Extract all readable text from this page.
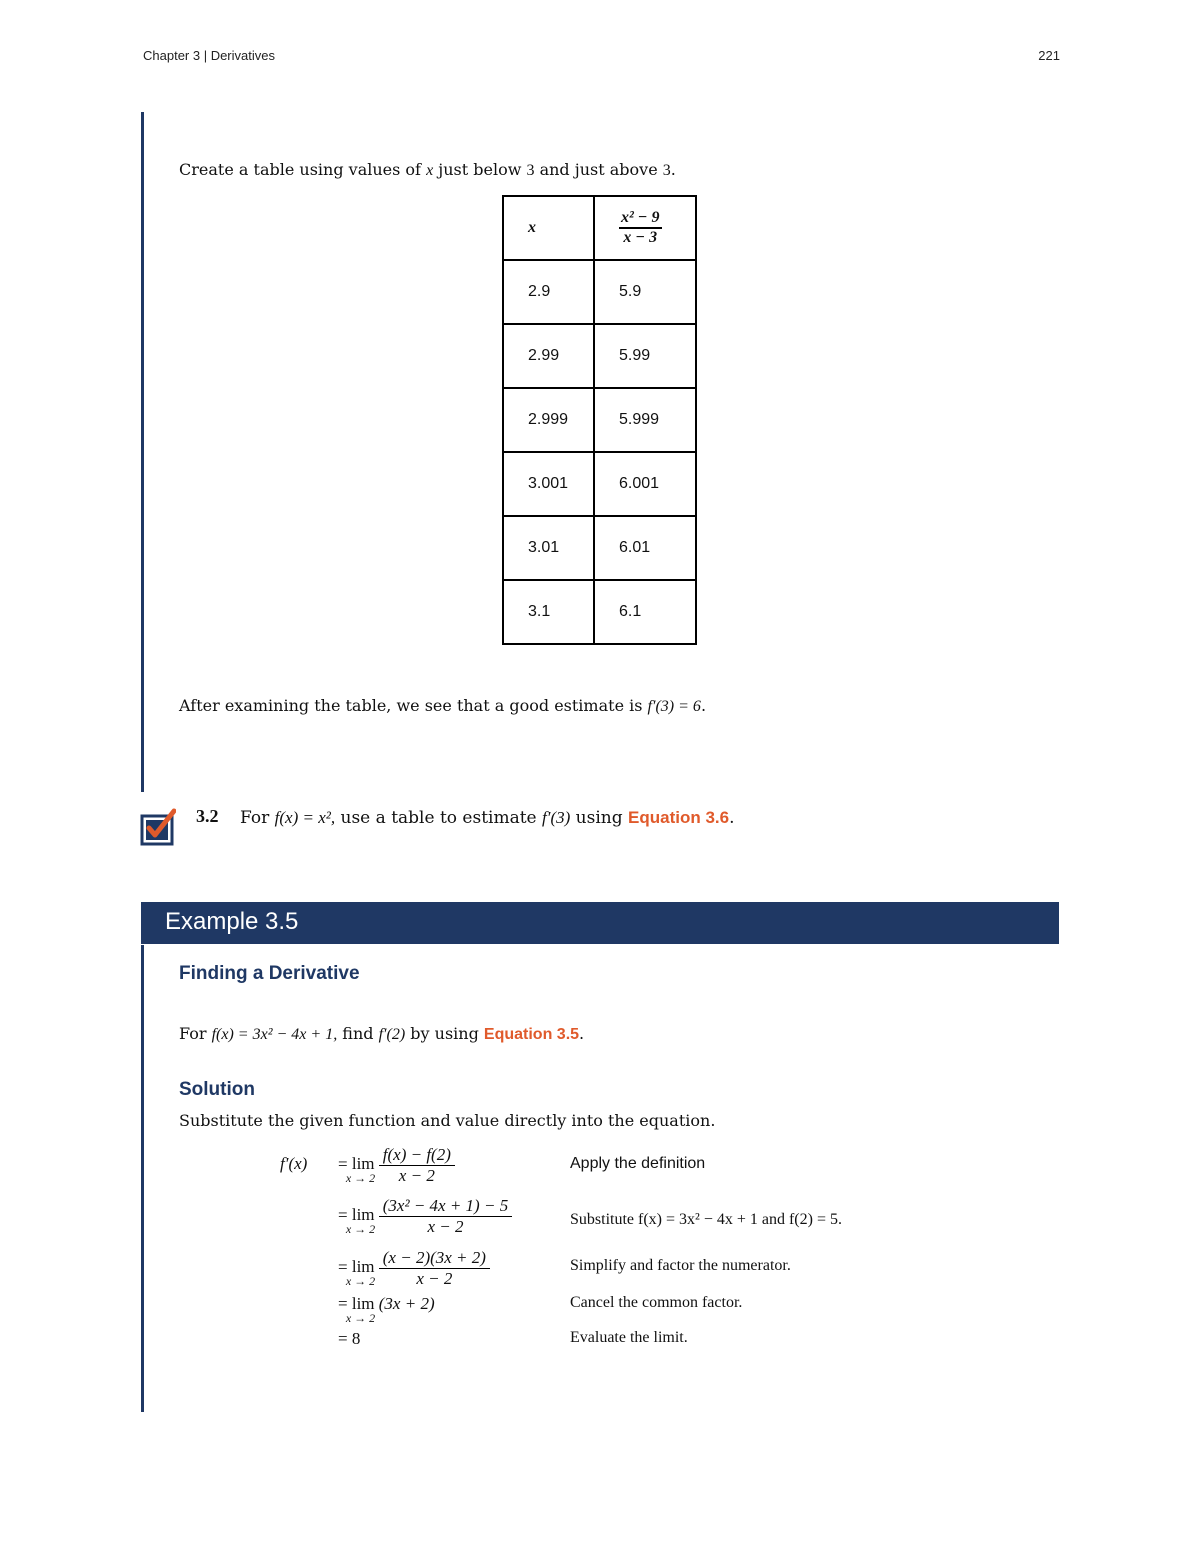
Chapter 3 | Derivatives	221
Create a table using values of x just below 3 and just above 3.
x	$\frac{\text{x² − 9}}{x - 3}$

2.9	5.9
2.99	5.99
2.999	5.999
3.001	6.001
3.01	6.01
3.1	6.1
After examining the table, we see that a good estimate is f′(3) = 6.
3.2 For f(x) = x², use a table to estimate f′(3) using Equation 3.6.
Example 3.5
Finding a Derivative
For f(x) = 3x² − 4x + 1, find f′(2) by using Equation 3.5.
Solution
Substitute the given function and value directly into the equation.
f′(x) = lim
x → 2
$\frac{f(x) - f(2)}{x - 2}$	Apply the definition
= lim
x → 2
$\frac{\text{(3x² − 4x + 1) − 5}}{x - 2}$	Substitute f(x) = 3x² − 4x + 1 and f(2) = 5.
= lim
x → 2
$\frac{(x - 2)(3x + 2)}{x - 2}$	Simplify and factor the numerator.
= lim
x → 2
(3x + 2)	Cancel the common factor.
= 8	Evaluate the limit.
